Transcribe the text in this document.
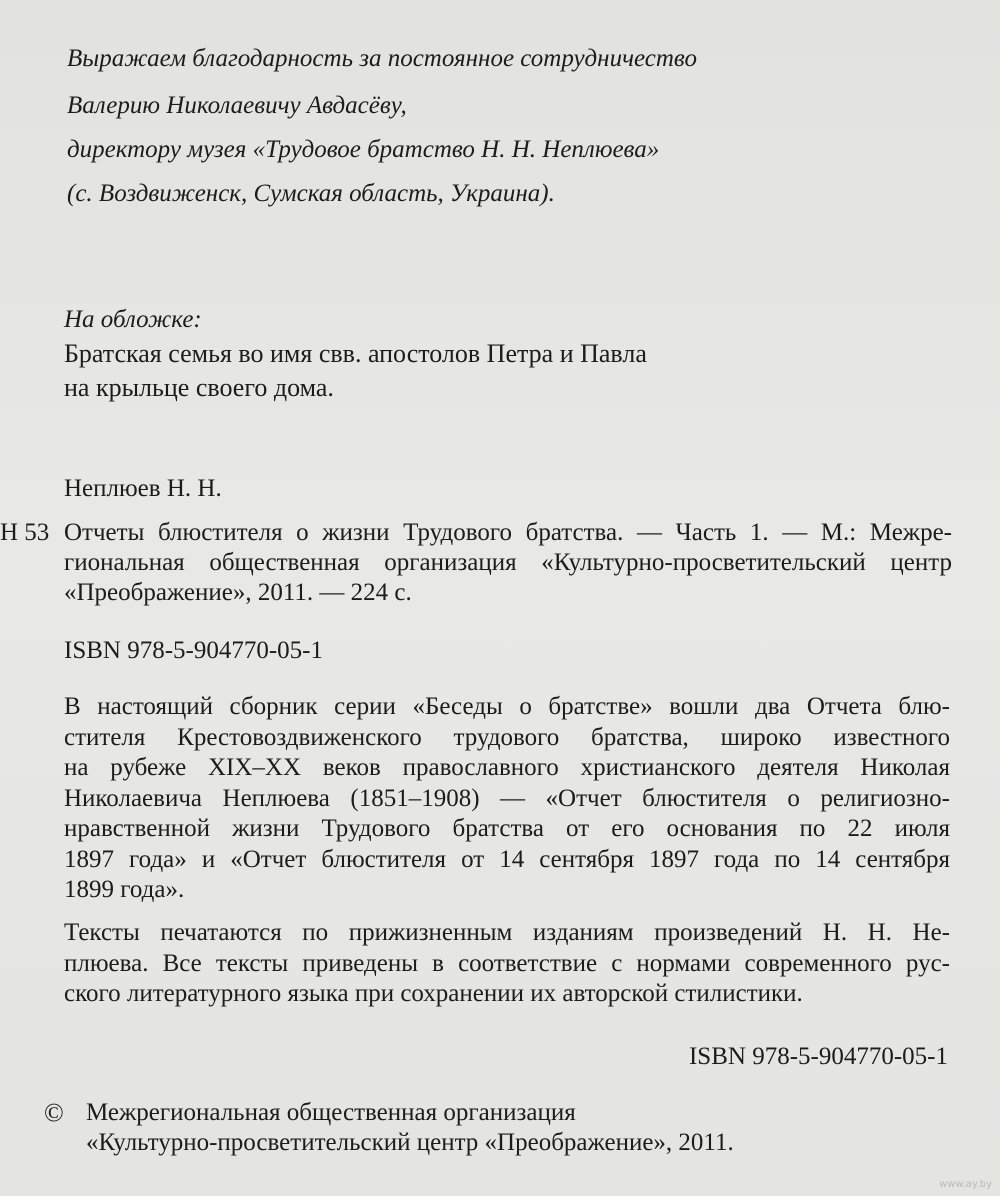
Выражаем благодарность за постоянное сотрудничество
Валерию Николаевичу Авдасёву,
директору музея «Трудовое братство Н. Н. Неплюева»
(с. Воздвиженск, Сумская область, Украина).
На обложке:
Братская семья во имя свв. апостолов Петра и Павла
на крыльце своего дома.
Неплюев Н. Н.
Н 53 Отчеты блюстителя о жизни Трудового братства. — Часть 1. — М.: Межре-
гиональная общественная организация «Культурно-просветительский центр
«Преображение», 2011. — 224 с.
ISBN 978-5-904770-05-1
В настоящий сборник серии «Беседы о братстве» вошли два Отчета блю-
стителя Крестовоздвиженского трудового братства, широко известного
на рубеже XIX–XX веков православного христианского деятеля Николая
Николаевича Неплюева (1851–1908) — «Отчет блюстителя о религиозно-
нравственной жизни Трудового братства от его основания по 22 июля
1897 года» и «Отчет блюстителя от 14 сентября 1897 года по 14 сентября
1899 года».
Тексты печатаются по прижизненным изданиям произведений Н. Н. Не-
плюева. Все тексты приведены в соответствие с нормами современного рус-
ского литературного языка при сохранении их авторской стилистики.
ISBN 978-5-904770-05-1
© Межрегиональная общественная организация
«Культурно-просветительский центр «Преображение», 2011.
www.ay.by
